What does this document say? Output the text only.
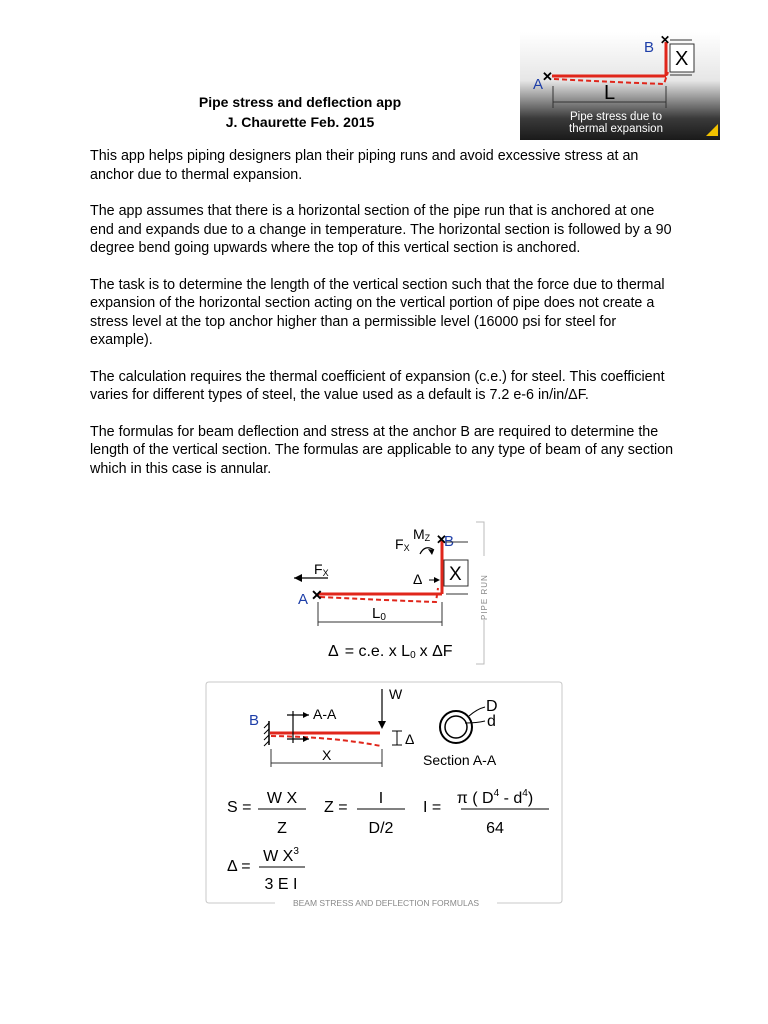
Pipe stress and deflection app
J. Chaurette Feb. 2015
✕
✕
A
B
X
L
Pipe stress due to
thermal expansion

This app helps piping designers plan their piping runs and avoid excessive stress at an anchor due to thermal expansion.

The app assumes that there is a horizontal section of the pipe run that is anchored at one end and expands due to a change in temperature. The horizontal section is followed by a 90 degree bend going upwards where the top of this vertical section is anchored.

The task is to determine the length of the vertical section such that the force due to thermal expansion of the horizontal section acting on the vertical portion of pipe does not create a stress level at the top anchor higher than a permissible level (16000 psi for steel for example).

The calculation requires the thermal coefficient of expansion (c.e.) for steel. This coefficient varies for different types of steel, the value used as a default is 7.2 e-6 in/in/ΔF.

The formulas for beam deflection and stress at the anchor B are required to determine the length of the vertical section. The formulas are applicable to any type of beam of any section which in this case is annular.

PIPE RUN
✕
✕
A
B
FX
FX
MZ
Δ X
L0
Δ = c.e. x L0 x ΔF
BEAM STRESS AND DEFLECTION FORMULAS
B	A-A
W
Δ
X
D
d
Section A-A
S =
W X
Z
Z =
I
D/2
I =
π ( $D^4 - d^4$)
64
Δ =
W $X^3$
3 E I
